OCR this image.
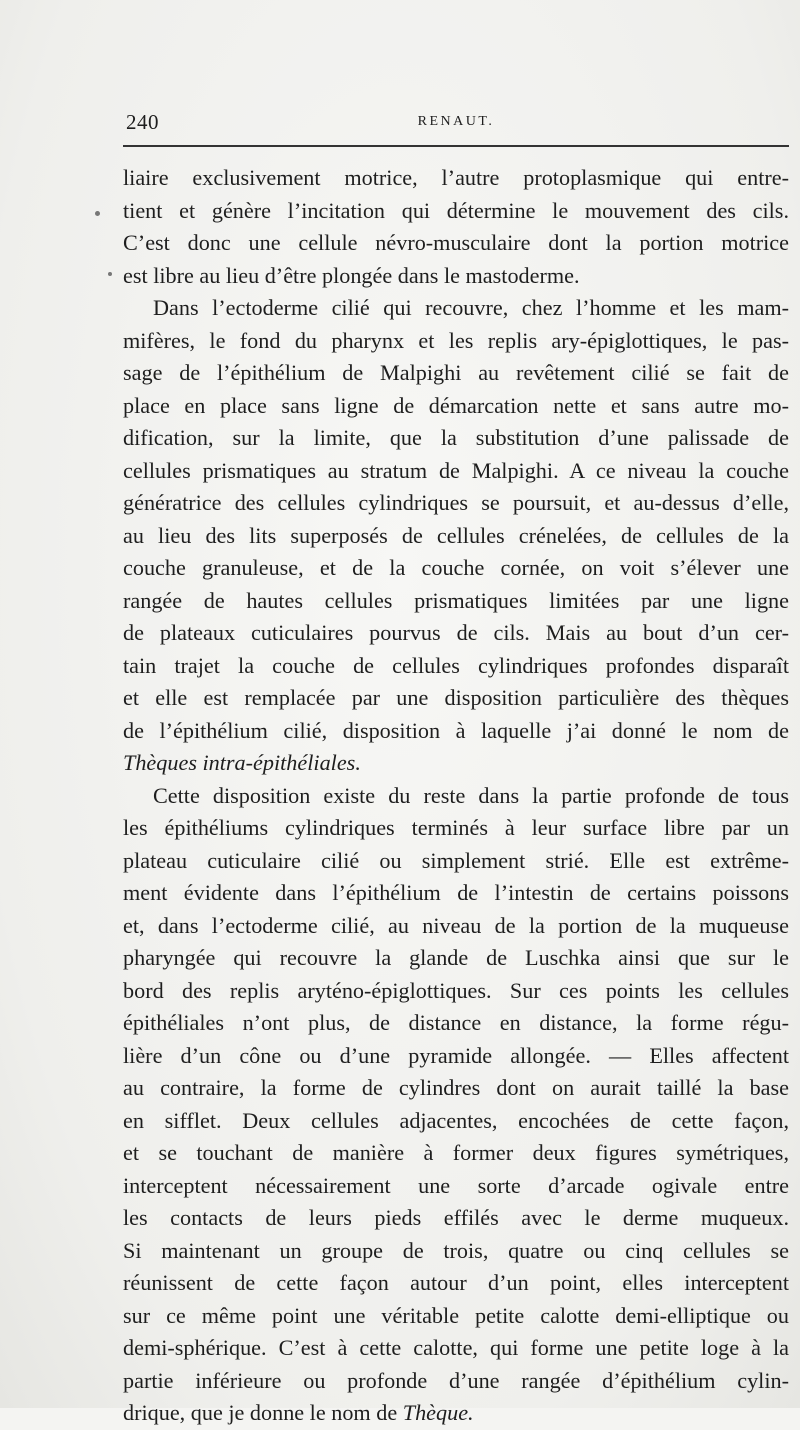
240	RENAUT.
liaire exclusivement motrice, l’autre protoplasmique qui entre-
tient et génère l’incitation qui détermine le mouvement des cils.
C’est donc une cellule névro-musculaire dont la portion motrice
est libre au lieu d’être plongée dans le mastoderme.
Dans l’ectoderme cilié qui recouvre, chez l’homme et les mam-
mifères, le fond du pharynx et les replis ary-épiglottiques, le pas-
sage de l’épithélium de Malpighi au revêtement cilié se fait de
place en place sans ligne de démarcation nette et sans autre mo-
dification, sur la limite, que la substitution d’une palissade de
cellules prismatiques au stratum de Malpighi. A ce niveau la couche
génératrice des cellules cylindriques se poursuit, et au-dessus d’elle,
au lieu des lits superposés de cellules crénelées, de cellules de la
couche granuleuse, et de la couche cornée, on voit s’élever une
rangée de hautes cellules prismatiques limitées par une ligne
de plateaux cuticulaires pourvus de cils. Mais au bout d’un cer-
tain trajet la couche de cellules cylindriques profondes disparaît
et elle est remplacée par une disposition particulière des thèques
de l’épithélium cilié, disposition à laquelle j’ai donné le nom de
Thèques intra-épithéliales.
Cette disposition existe du reste dans la partie profonde de tous
les épithéliums cylindriques terminés à leur surface libre par un
plateau cuticulaire cilié ou simplement strié. Elle est extrême-
ment évidente dans l’épithélium de l’intestin de certains poissons
et, dans l’ectoderme cilié, au niveau de la portion de la muqueuse
pharyngée qui recouvre la glande de Luschka ainsi que sur le
bord des replis aryténo-épiglottiques. Sur ces points les cellules
épithéliales n’ont plus, de distance en distance, la forme régu-
lière d’un cône ou d’une pyramide allongée. — Elles affectent
au contraire, la forme de cylindres dont on aurait taillé la base
en sifflet. Deux cellules adjacentes, encochées de cette façon,
et se touchant de manière à former deux figures symétriques,
interceptent nécessairement une sorte d’arcade ogivale entre
les contacts de leurs pieds effilés avec le derme muqueux.
Si maintenant un groupe de trois, quatre ou cinq cellules se
réunissent de cette façon autour d’un point, elles interceptent
sur ce même point une véritable petite calotte demi-elliptique ou
demi-sphérique. C’est à cette calotte, qui forme une petite loge à la
partie inférieure ou profonde d’une rangée d’épithélium cylin-
drique, que je donne le nom de Thèque.
